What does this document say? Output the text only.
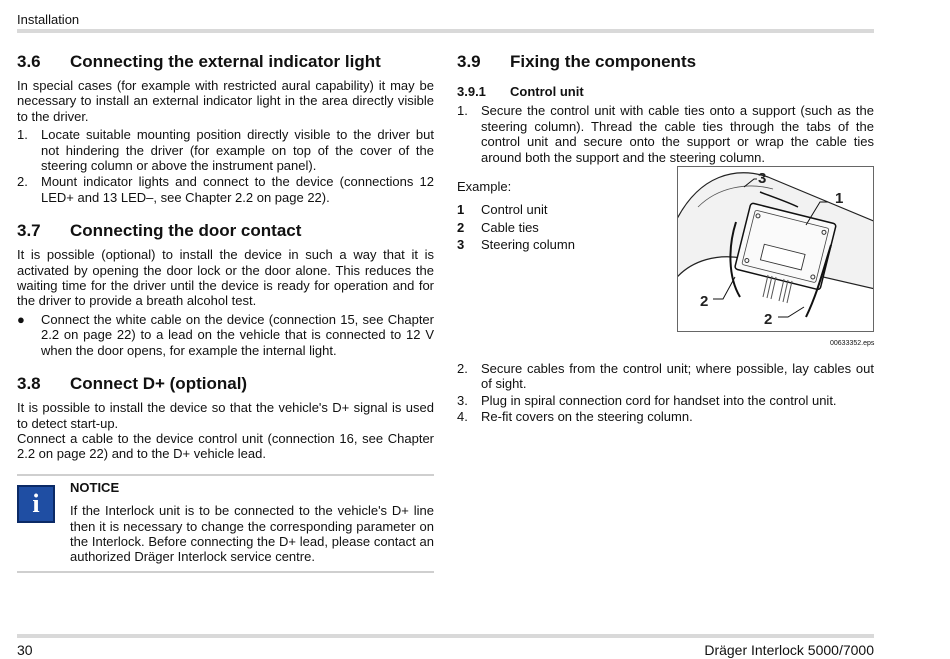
Installation
3.6	Connecting the external indicator light

In special cases (for example with restricted aural capability) it may be necessary to install an external indicator light in the area directly visible to the driver.

1.	Locate suitable mounting position directly visible to the driver but not hindering the driver (for example on top of the cover of the steering column or above the instrument panel).
2.	Mount indicator lights and connect to the device (connections 12 LED+ and 13 LED–, see Chapter 2.2 on page 22).
3.7	Connecting the door contact

It is possible (optional) to install the device in such a way that it is activated by opening the door lock or the door alone. This reduces the waiting time for the driver until the device is ready for operation and for the driver to provide a breath alcohol test.

●	Connect the white cable on the device (connection 15, see Chapter 2.2 on page 22) to a lead on the vehicle that is connected to 12 V when the door opens, for example the internal light.
3.8	Connect D+ (optional)

It is possible to install the device so that the vehicle's D+ signal is used to detect start-up.

Connect a cable to the device control unit (connection 16, see Chapter 2.2 on page 22) and to the D+ vehicle lead.

i
NOTICE

If the Interlock unit is to be connected to the vehicle's D+ line then it is necessary to change the corresponding parameter on the Interlock. Before connecting the D+ lead, please contact an authorized Dräger Interlock service centre.

3.9	Fixing the components
3.9.1	Control unit
1.	Secure the control unit with cable ties onto a support (such as the steering column). Thread the cable ties through the tabs of the control unit and secure onto the support or wrap the cable ties around both the support and the steering column.
Example:
1	Control unit
2	Cable ties
3	Steering column
1
3
2
2
00633352.eps
2.	Secure cables from the control unit; where possible, lay cables out of sight.
3.	Plug in spiral connection cord for handset into the control unit.
4.	Re-fit covers on the steering column.
30	Dräger Interlock 5000/7000
